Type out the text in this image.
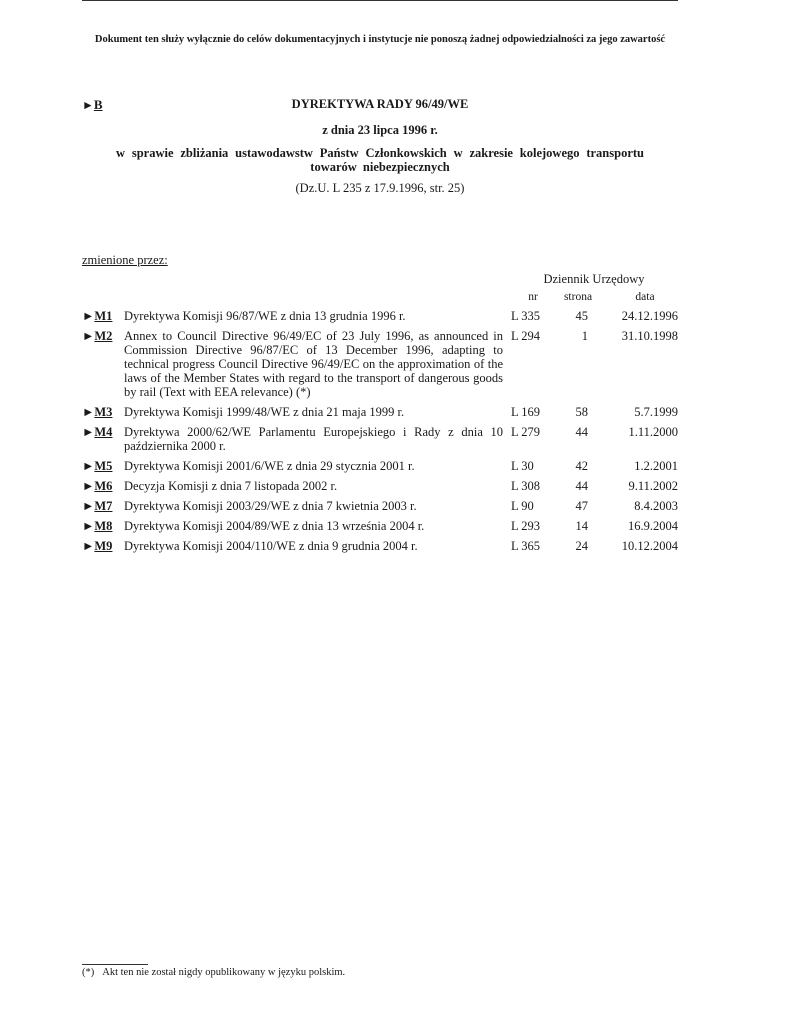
Dokument ten służy wyłącznie do celów dokumentacyjnych i instytucje nie ponoszą żadnej odpowiedzialności za jego zawartość
►B	DYREKTYWA RADY 96/49/WE
z dnia 23 lipca 1996 r.
w sprawie zbliżania ustawodawstw Państw Członkowskich w zakresie kolejowego transportu towarów niebezpiecznych
(Dz.U. L 235 z 17.9.1996, str. 25)
zmienione przez:
Dziennik Urzędowy
nr	strona	data
►M1 Dyrektywa Komisji 96/87/WE z dnia 13 grudnia 1996 r.	L 335	45	24.12.1996
►M2 Annex to Council Directive 96/49/EC of 23 July 1996, as announced in Commission Directive 96/87/EC of 13 December 1996, adapting to technical progress Council Directive 96/49/EC on the approximation of the laws of the Member States with regard to the transport of dangerous goods by rail (Text with EEA relevance) (*)
L 294	1	31.10.1998
►M3 Dyrektywa Komisji 1999/48/WE z dnia 21 maja 1999 r.	L 169	58	5.7.1999
►M4 Dyrektywa 2000/62/WE Parlamentu Europejskiego i Rady z dnia 10 października 2000 r.
L 279	44	1.11.2000
►M5 Dyrektywa Komisji 2001/6/WE z dnia 29 stycznia 2001 r.	L 30	42	1.2.2001
►M6 Decyzja Komisji z dnia 7 listopada 2002 r.	L 308	44	9.11.2002
►M7 Dyrektywa Komisji 2003/29/WE z dnia 7 kwietnia 2003 r.	L 90	47	8.4.2003
►M8 Dyrektywa Komisji 2004/89/WE z dnia 13 września 2004 r.	L 293	14	16.9.2004
►M9 Dyrektywa Komisji 2004/110/WE z dnia 9 grudnia 2004 r.	L 365	24	10.12.2004
(*) Akt ten nie został nigdy opublikowany w języku polskim.
